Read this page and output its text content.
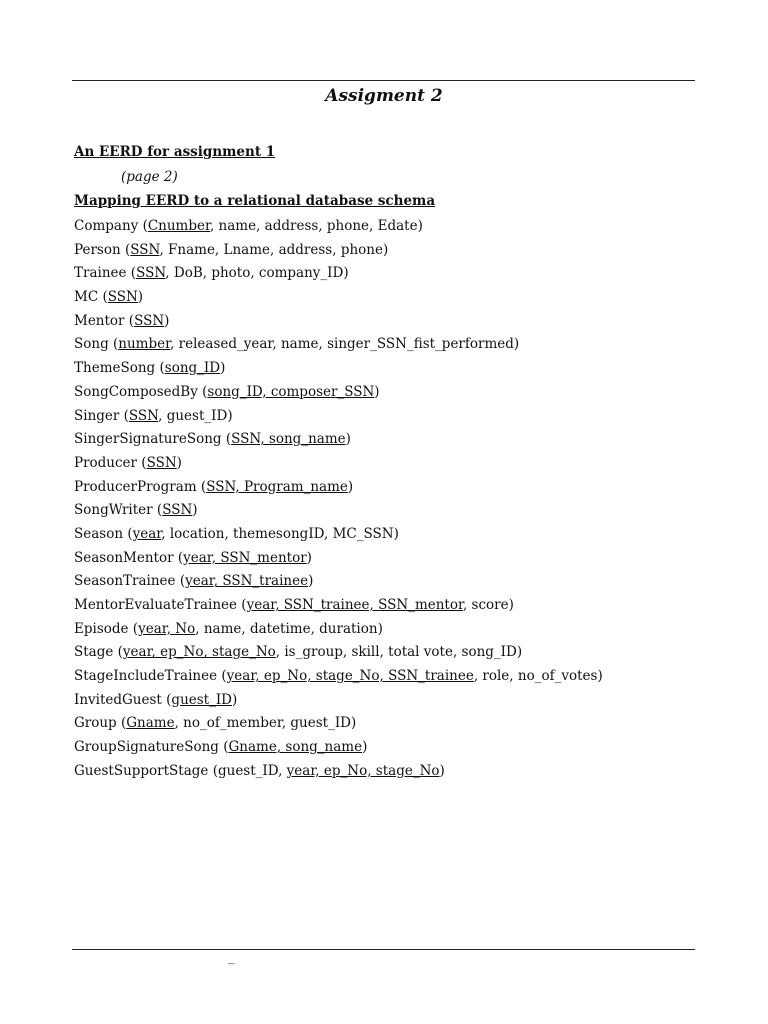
Assigment 2
An EERD for assignment 1
(page 2)
Mapping EERD to a relational database schema
Company (Cnumber, name, address, phone, Edate)
Person (SSN, Fname, Lname, address, phone)
Trainee (SSN, DoB, photo, company_ID)
MC (SSN)
Mentor (SSN)
Song (number, released_year, name, singer_SSN_fist_performed)
ThemeSong (song_ID)
SongComposedBy (song_ID, composer_SSN)
Singer (SSN, guest_ID)
SingerSignatureSong (SSN, song_name)
Producer (SSN)
ProducerProgram (SSN, Program_name)
SongWriter (SSN)
Season (year, location, themesongID, MC_SSN)
SeasonMentor (year, SSN_mentor)
SeasonTrainee (year, SSN_trainee)
MentorEvaluateTrainee (year, SSN_trainee, SSN_mentor, score)
Episode (year, No, name, datetime, duration)
Stage (year, ep_No, stage_No, is_group, skill, total vote, song_ID)
StageIncludeTrainee (year, ep_No, stage_No, SSN_trainee, role, no_of_votes)
InvitedGuest (guest_ID)
Group (Gname, no_of_member, guest_ID)
GroupSignatureSong (Gname, song_name)
GuestSupportStage (guest_ID, year, ep_No, stage_No)
_
